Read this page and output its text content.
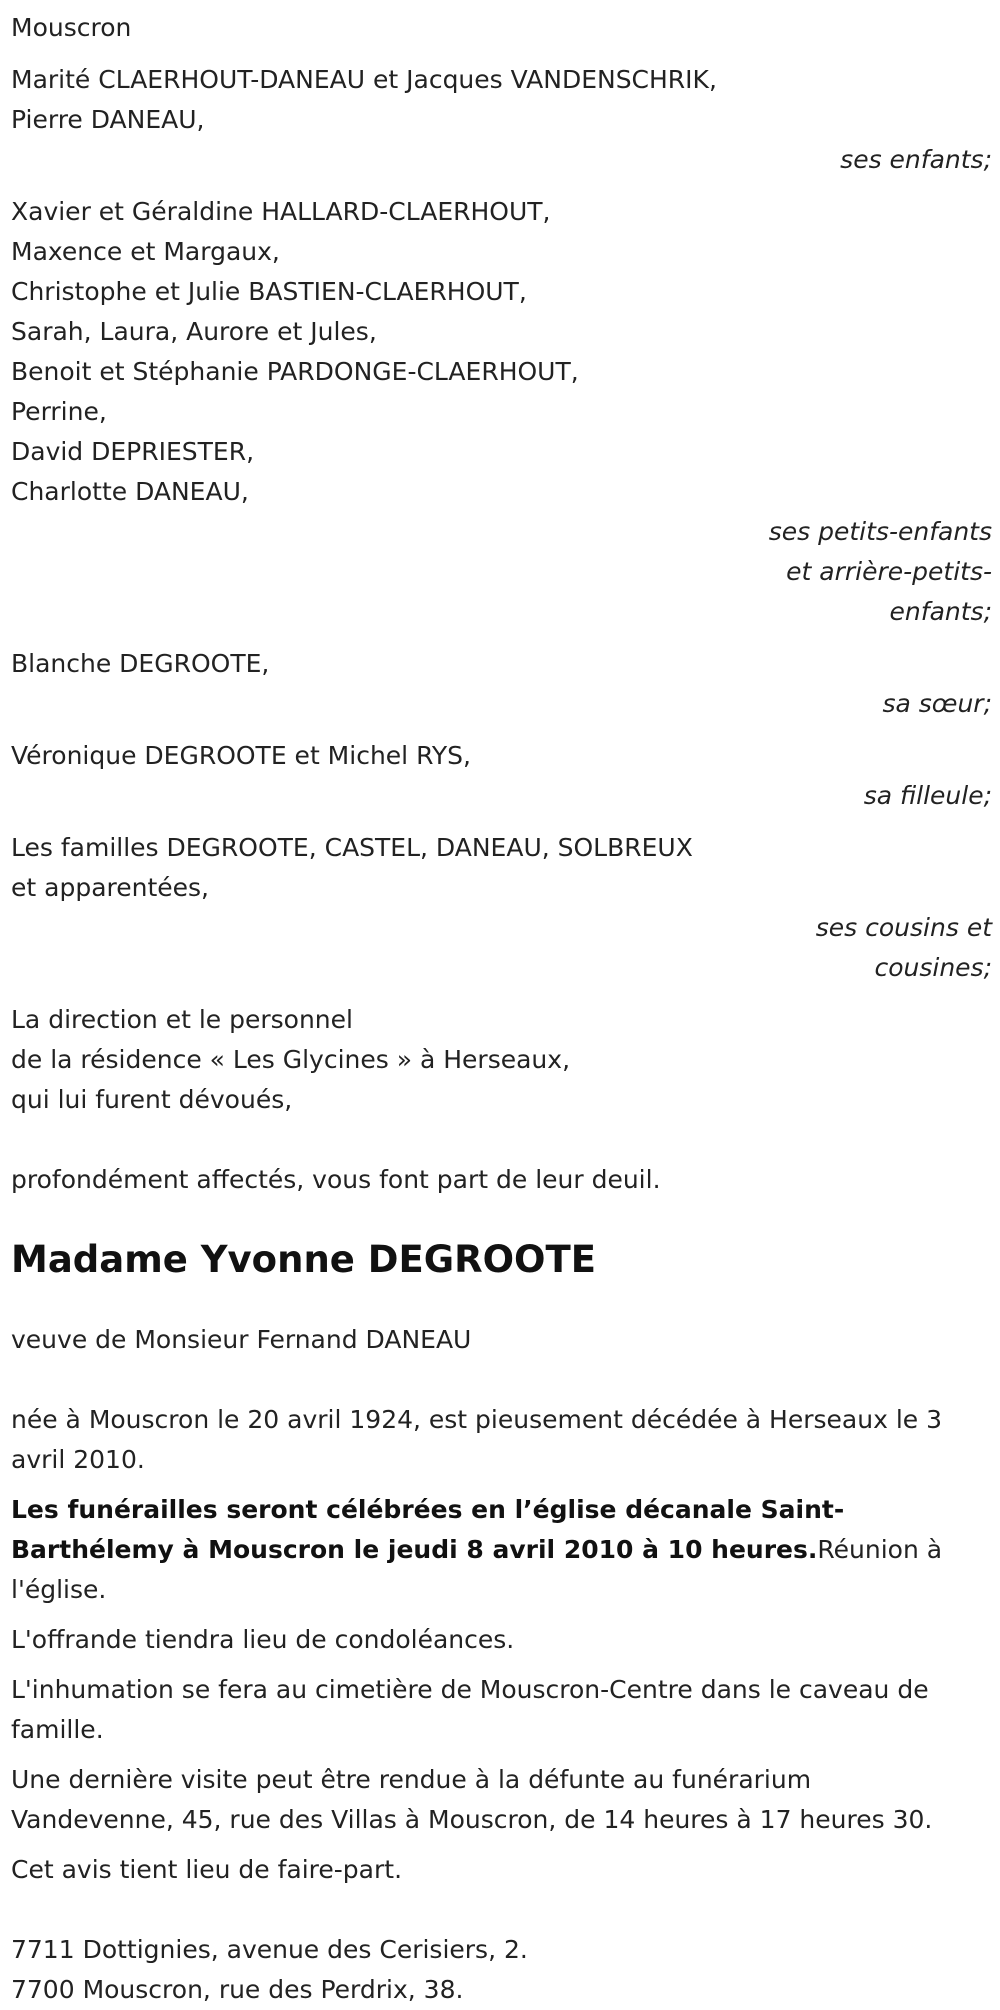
Mouscron
Marité CLAERHOUT-DANEAU et Jacques VANDENSCHRIK,
Pierre DANEAU,
ses enfants;
Xavier et Géraldine HALLARD-CLAERHOUT,
Maxence et Margaux,
Christophe et Julie BASTIEN-CLAERHOUT,
Sarah, Laura, Aurore et Jules,
Benoit et Stéphanie PARDONGE-CLAERHOUT,
Perrine,
David DEPRIESTER,
Charlotte DANEAU,
ses petits-enfants
et arrière-petits-
enfants;
Blanche DEGROOTE,
sa sœur;
Véronique DEGROOTE et Michel RYS,
sa filleule;
Les familles DEGROOTE, CASTEL, DANEAU, SOLBREUX
et apparentées,
ses cousins et
cousines;
La direction et le personnel
de la résidence « Les Glycines » à Herseaux,
qui lui furent dévoués,
profondément affectés, vous font part de leur deuil.
Madame Yvonne DEGROOTE
veuve de Monsieur Fernand DANEAU
née à Mouscron le 20 avril 1924, est pieusement décédée à Herseaux le 3 avril 2010.
Les funérailles seront célébrées en l’église décanale Saint-Barthélemy à Mouscron le jeudi 8 avril 2010 à 10 heures.Réunion à l'église.
L'offrande tiendra lieu de condoléances.
L'inhumation se fera au cimetière de Mouscron-Centre dans le caveau de famille.
Une dernière visite peut être rendue à la défunte au funérarium
Vandevenne, 45, rue des Villas à Mouscron, de 14 heures à 17 heures 30.
Cet avis tient lieu de faire-part.
7711 Dottignies, avenue des Cerisiers, 2.
7700 Mouscron, rue des Perdrix, 38.
